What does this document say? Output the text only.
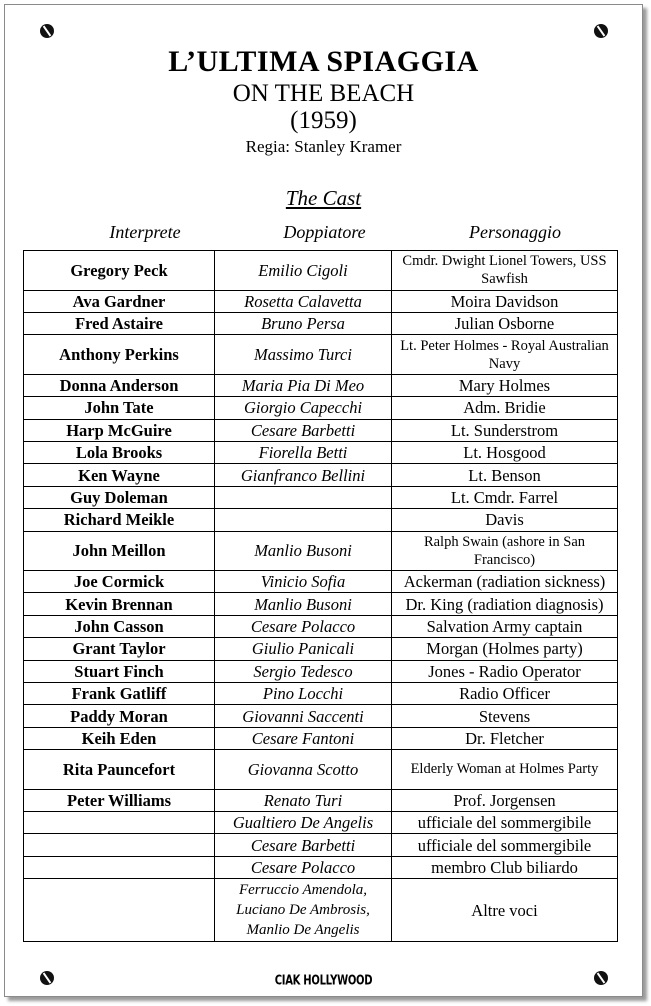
L’ULTIMA SPIAGGIA
ON THE BEACH
(1959)
Regia: Stanley Kramer
The Cast
Interprete	Doppiatore	Personaggio
Gregory Peck	Emilio Cigoli	Cmdr. Dwight Lionel Towers, USS Sawfish
Ava Gardner	Rosetta Calavetta	Moira Davidson
Fred Astaire	Bruno Persa	Julian Osborne
Anthony Perkins	Massimo Turci	Lt. Peter Holmes - Royal Australian Navy
Donna Anderson	Maria Pia Di Meo	Mary Holmes
John Tate	Giorgio Capecchi	Adm. Bridie
Harp McGuire	Cesare Barbetti	Lt. Sunderstrom
Lola Brooks	Fiorella Betti	Lt. Hosgood
Ken Wayne	Gianfranco Bellini	Lt. Benson
Guy Doleman		Lt. Cmdr. Farrel
Richard Meikle		Davis
John Meillon	Manlio Busoni	Ralph Swain (ashore in San Francisco)
Joe Cormick	Vinicio Sofia	Ackerman (radiation sickness)
Kevin Brennan	Manlio Busoni	Dr. King (radiation diagnosis)
John Casson	Cesare Polacco	Salvation Army captain
Grant Taylor	Giulio Panicali	Morgan (Holmes party)
Stuart Finch	Sergio Tedesco	Jones - Radio Operator
Frank Gatliff	Pino Locchi	Radio Officer
Paddy Moran	Giovanni Saccenti	Stevens
Keih Eden	Cesare Fantoni	Dr. Fletcher
Rita Pauncefort	Giovanna Scotto	Elderly Woman at Holmes Party
Peter Williams	Renato Turi	Prof. Jorgensen
	Gualtiero De Angelis	ufficiale del sommergibile
	Cesare Barbetti	ufficiale del sommergibile
	Cesare Polacco	membro Club biliardo
	Ferruccio Amendola, Luciano De Ambrosis, Manlio De Angelis	Altre voci
CIAK HOLLYWOOD
